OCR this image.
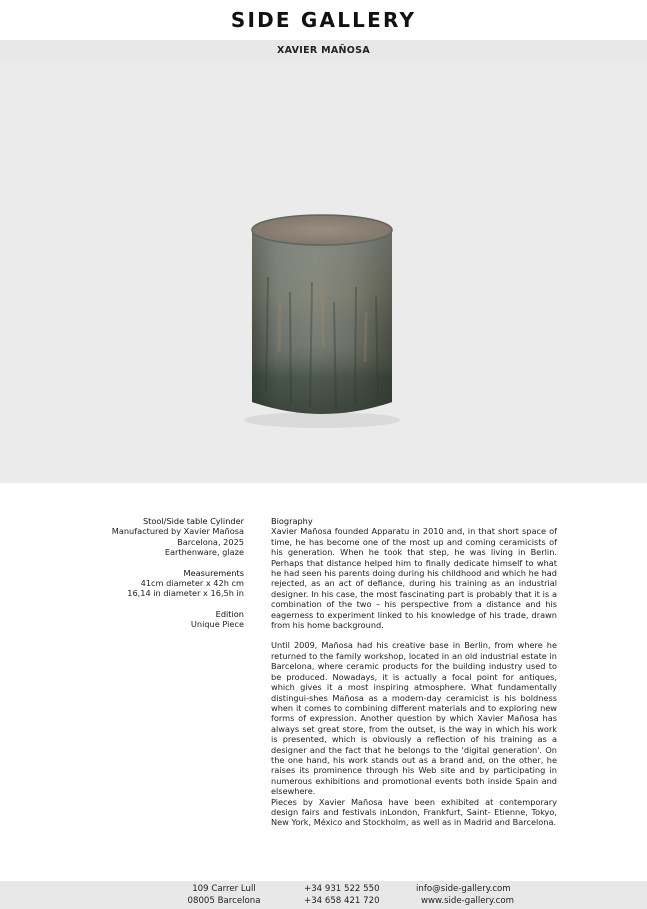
SIDE GALLERY
XAVIER MAÑOSA
Stool/Side table Cylinder
Manufactured by Xavier Mañosa
Barcelona, 2025
Earthenware, glaze
Measurements
41cm diameter x 42h cm
16,14 in diameter x 16,5h in
Edition
Unique Piece
Biography

Xavier Mañosa founded Apparatu in 2010 and, in that short space of time, he has become one of the most up and coming ceramicists of his generation. When he took that step, he was living in Berlin. Perhaps that distance helped him to finally dedicate himself to what he had seen his parents doing during his childhood and which he had rejected, as an act of defiance, during his training as an industrial designer. In his case, the most fascinating part is probably that it is a combination of the two – his perspective from a distance and his eagerness to experiment linked to his knowledge of his trade, drawn from his home background.

Until 2009, Mañosa had his creative base in Berlin, from where he returned to the family workshop, located in an old industrial estate in Barcelona, where ceramic products for the building industry used to be produced. Nowadays, it is actually a focal point for antiques, which gives it a most inspiring atmosphere. What fundamentally distingui-shes Mañosa as a modern-day ceramicist is his boldness when it comes to combining different materials and to exploring new forms of expression. Another question by which Xavier Mañosa has always set great store, from the outset, is the way in which his work is presented, which is obviously a reflection of his training as a designer and the fact that he belongs to the 'digital generation'. On the one hand, his work stands out as a brand and, on the other, he raises its prominence through his Web site and by participating in numerous exhibitions and promotional events both inside Spain and elsewhere.

Pieces by Xavier Mañosa have been exhibited at contemporary design fairs and festivals inLondon, Frankfurt, Saint- Etienne, Tokyo, New York, México and Stockholm, as well as in Madrid and Barcelona.

109 Carrer Lull
08005 Barcelona
+34 931 522 550
+34 658 421 720
info@side-gallery.com
www.side-gallery.com
